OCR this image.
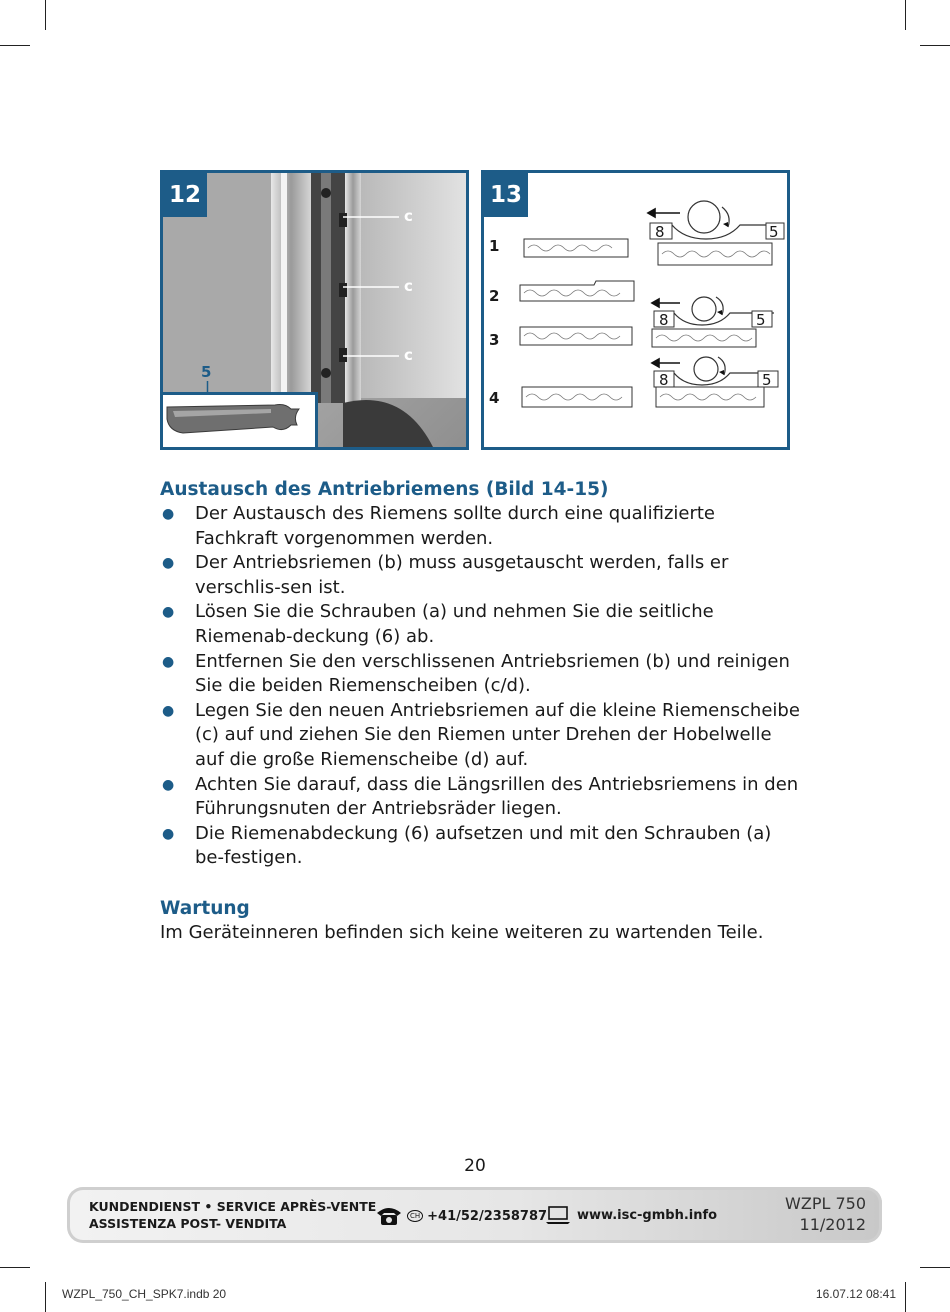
12
c
c
c
5
13
1
2
3
4
8	5
8	5
8	5
Austausch des Antriebriemens (Bild 14-15)
● Der Austausch des Riemens sollte durch eine qualifizierte Fachkraft vorgenommen werden.
● Der Antriebsriemen (b) muss ausgetauscht werden, falls er verschlis-sen ist.
● Lösen Sie die Schrauben (a) und nehmen Sie die seitliche Riemenab-deckung (6) ab.
● Entfernen Sie den verschlissenen Antriebsriemen (b) und reinigen Sie die beiden Riemenscheiben (c/d).
● Legen Sie den neuen Antriebsriemen auf die kleine Riemenscheibe (c) auf und ziehen Sie den Riemen unter Drehen der Hobelwelle auf die große Riemenscheibe (d) auf.
● Achten Sie darauf, dass die Längsrillen des Antriebsriemens in den Führungsnuten der Antriebsräder liegen.
● Die Riemenabdeckung (6) aufsetzen und mit den Schrauben (a) be-festigen.
Wartung
Im Geräteinneren befinden sich keine weiteren zu wartenden Teile.
20
KUNDENDIENST • SERVICE APRÈS-VENTE
ASSISTENZA POST- VENDITA	CH +41/52/2358787 www.isc-gmbh.info
WZPL 750
11/2012
WZPL_750_CH_SPK7.indb 20	16.07.12 08:41
